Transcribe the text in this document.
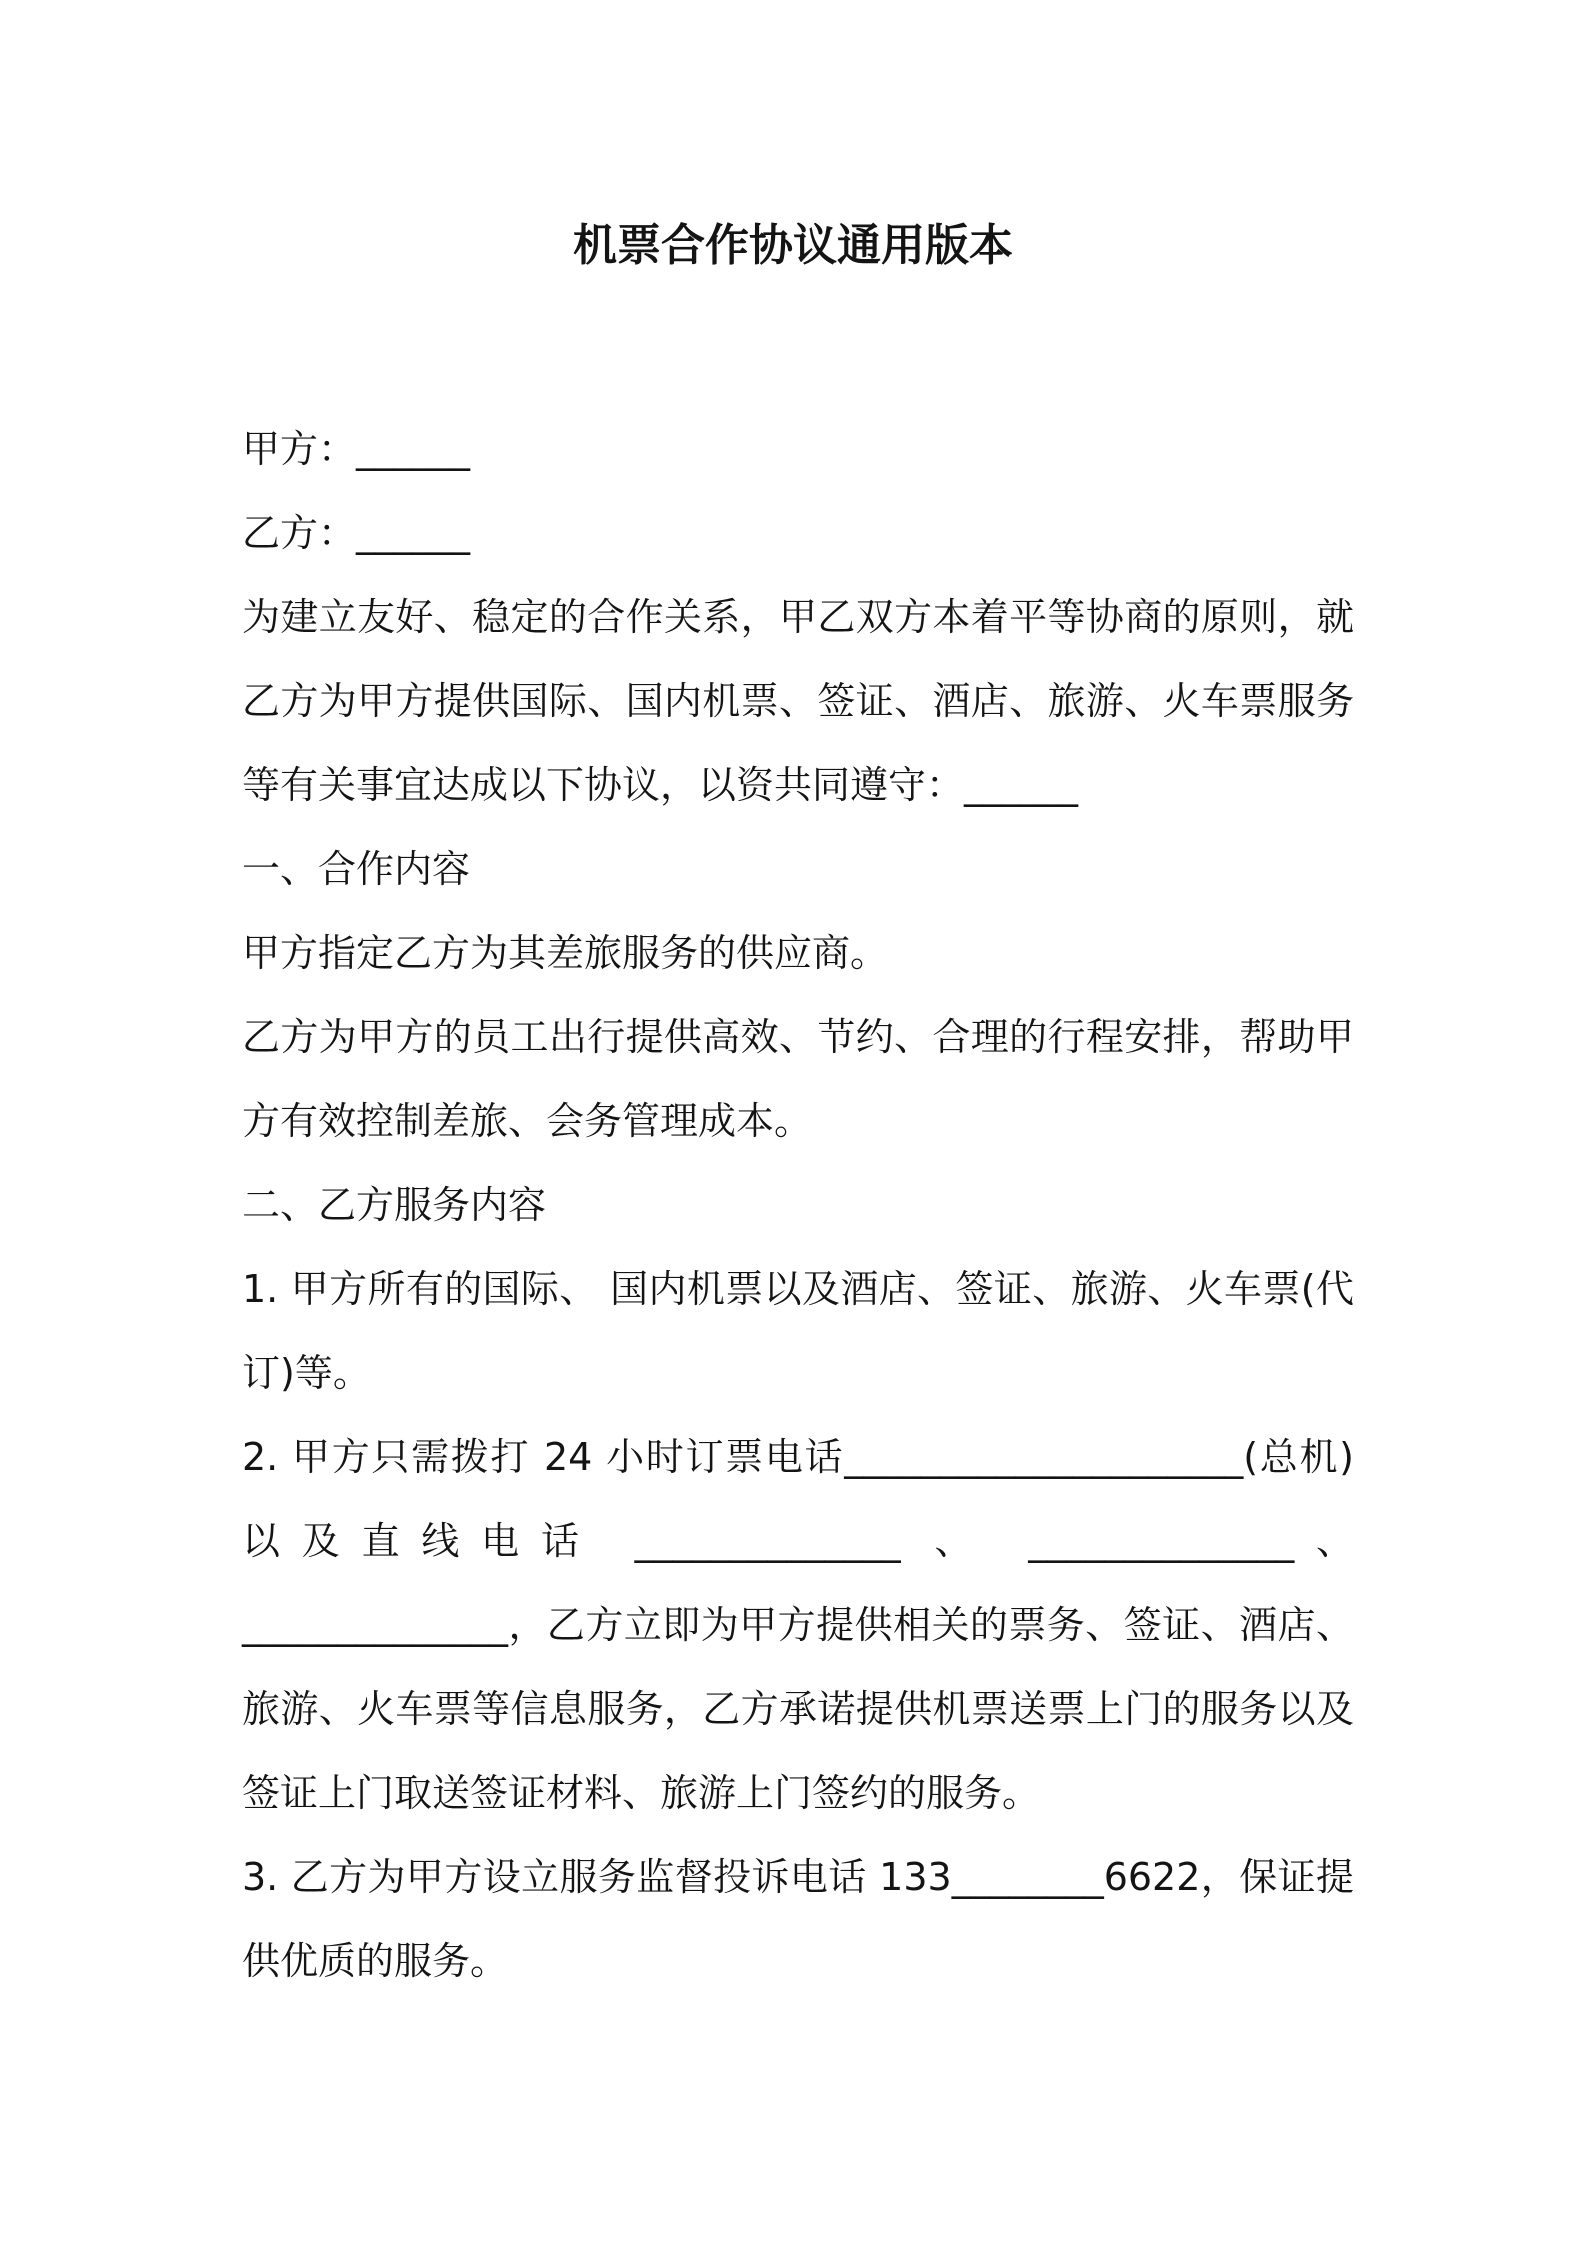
机票合作协议通用版本

甲方：______

乙方：______

为建立友好、稳定的合作关系，甲乙双方本着平等协商的原则，就乙方为甲方提供国际、国内机票、签证、酒店、旅游、火车票服务等有关事宜达成以下协议，以资共同遵守：______

一、合作内容

甲方指定乙方为其差旅服务的供应商。

乙方为甲方的员工出行提供高效、节约、合理的行程安排，帮助甲方有效控制差旅、会务管理成本。

二、乙方服务内容

1. 甲方所有的国际、 国内机票以及酒店、签证、旅游、火车票(代订)等。

2. 甲方只需拨打 24 小时订票电话_____________________(总机) 以及直线电话 ______________ 、 ______________、______________，乙方立即为甲方提供相关的票务、签证、酒店、旅游、火车票等信息服务，乙方承诺提供机票送票上门的服务以及签证上门取送签证材料、旅游上门签约的服务。

3. 乙方为甲方设立服务监督投诉电话 133________6622，保证提供优质的服务。
